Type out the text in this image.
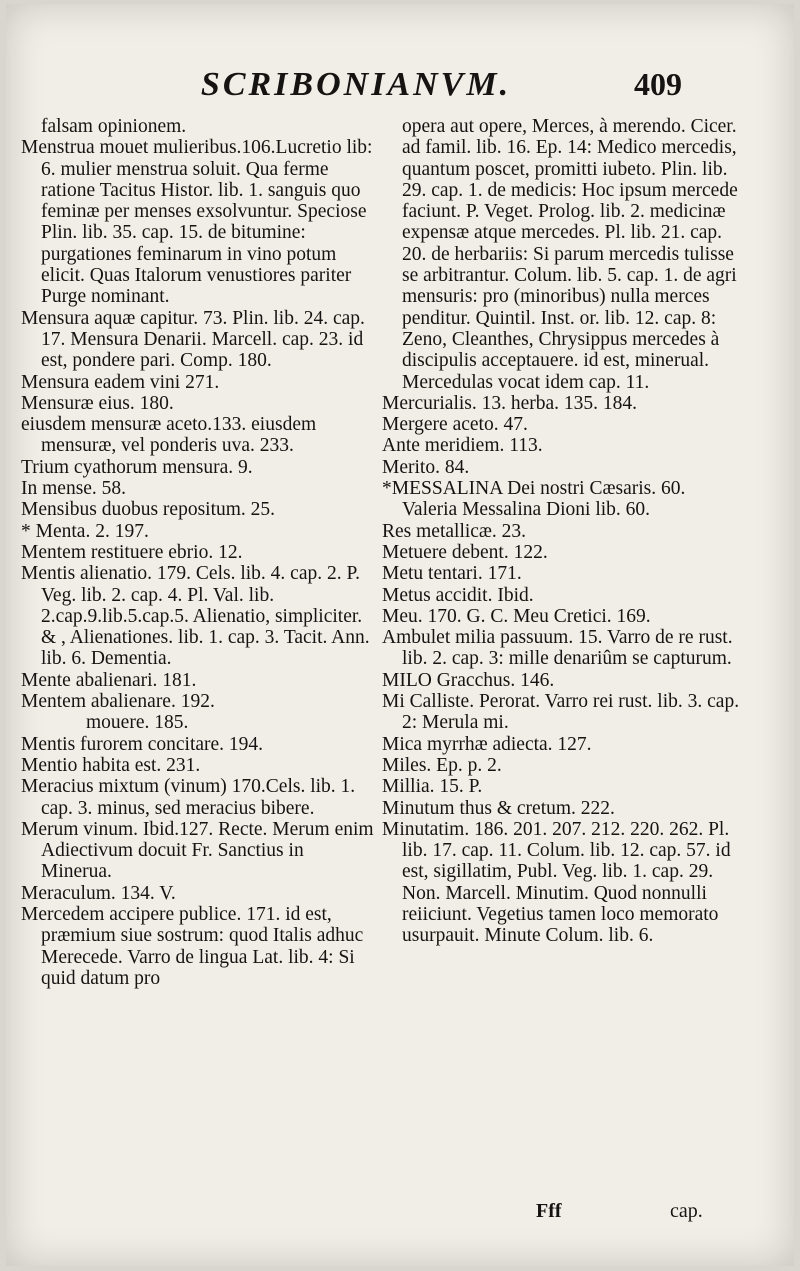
SCRIBONIANVM.	409

falsam opinionem.

Menstrua mouet mulieribus.106.Lucretio lib: 6. mulier menstrua soluit. Qua ferme ratione Tacitus Histor. lib. 1. sanguis quo feminæ per menses exsolvuntur. Speciose Plin. lib. 35. cap. 15. de bitumine: purgationes feminarum in vino potum elicit. Quas Italorum venustiores pariter Purge nominant.

Mensura aquæ capitur. 73. Plin. lib. 24. cap. 17. Mensura Denarii. Marcell. cap. 23. id est, pondere pari. Comp. 180.

Mensura eadem vini 271.

Mensuræ eius. 180.

eiusdem mensuræ aceto.133. eiusdem mensuræ, vel ponderis uva. 233.

Trium cyathorum mensura. 9.

In mense. 58.

Mensibus duobus repositum. 25.

* Menta. 2. 197.

Mentem restituere ebrio. 12.

Mentis alienatio. 179. Cels. lib. 4. cap. 2. P. Veg. lib. 2. cap. 4. Pl. Val. lib. 2.cap.9.lib.5.cap.5. Alienatio, simpliciter. & , Alienationes. lib. 1. cap. 3. Tacit. Ann. lib. 6. Dementia.

Mente abalienari. 181.

Mentem abalienare. 192.

mouere. 185.

Mentis furorem concitare. 194.

Mentio habita est. 231.

Meracius mixtum (vinum) 170.Cels. lib. 1. cap. 3. minus, sed meracius bibere.

Merum vinum. Ibid.127. Recte. Merum enim Adiectivum docuit Fr. Sanctius in Minerua.

Meraculum. 134. V.

Mercedem accipere publice. 171. id est, præmium siue sostrum: quod Italis adhuc Merecede. Varro de lingua Lat. lib. 4: Si quid datum pro

opera aut opere, Merces, à merendo. Cicer. ad famil. lib. 16. Ep. 14: Medico mercedis, quantum poscet, promitti iubeto. Plin. lib. 29. cap. 1. de medicis: Hoc ipsum mercede faciunt. P. Veget. Prolog. lib. 2. medicinæ expensæ atque mercedes. Pl. lib. 21. cap. 20. de herbariis: Si parum mercedis tulisse se arbitrantur. Colum. lib. 5. cap. 1. de agri mensuris: pro (minoribus) nulla merces penditur. Quintil. Inst. or. lib. 12. cap. 8: Zeno, Cleanthes, Chrysippus mercedes à discipulis acceptauere. id est, minerual. Mercedulas vocat idem cap. 11.

Mercurialis. 13. herba. 135. 184.

Mergere aceto. 47.

Ante meridiem. 113.

Merito. 84.

*MESSALINA Dei nostri Cæsaris. 60. Valeria Messalina Dioni lib. 60.

Res metallicæ. 23.

Metuere debent. 122.

Metu tentari. 171.

Metus accidit. Ibid.

Meu. 170. G. C. Meu Cretici. 169.

Ambulet milia passuum. 15. Varro de re rust. lib. 2. cap. 3: mille denariûm se capturum.

MILO Gracchus. 146.

Mi Calliste. Perorat. Varro rei rust. lib. 3. cap. 2: Merula mi.

Mica myrrhæ adiecta. 127.

Miles. Ep. p. 2.

Millia. 15. P.

Minutum thus & cretum. 222.

Minutatim. 186. 201. 207. 212. 220. 262. Pl. lib. 17. cap. 11. Colum. lib. 12. cap. 57. id est, sigillatim, Publ. Veg. lib. 1. cap. 29. Non. Marcell. Minutim. Quod nonnulli reiiciunt. Vegetius tamen loco memorato usurpauit. Minute Colum. lib. 6.

Fff	cap.
